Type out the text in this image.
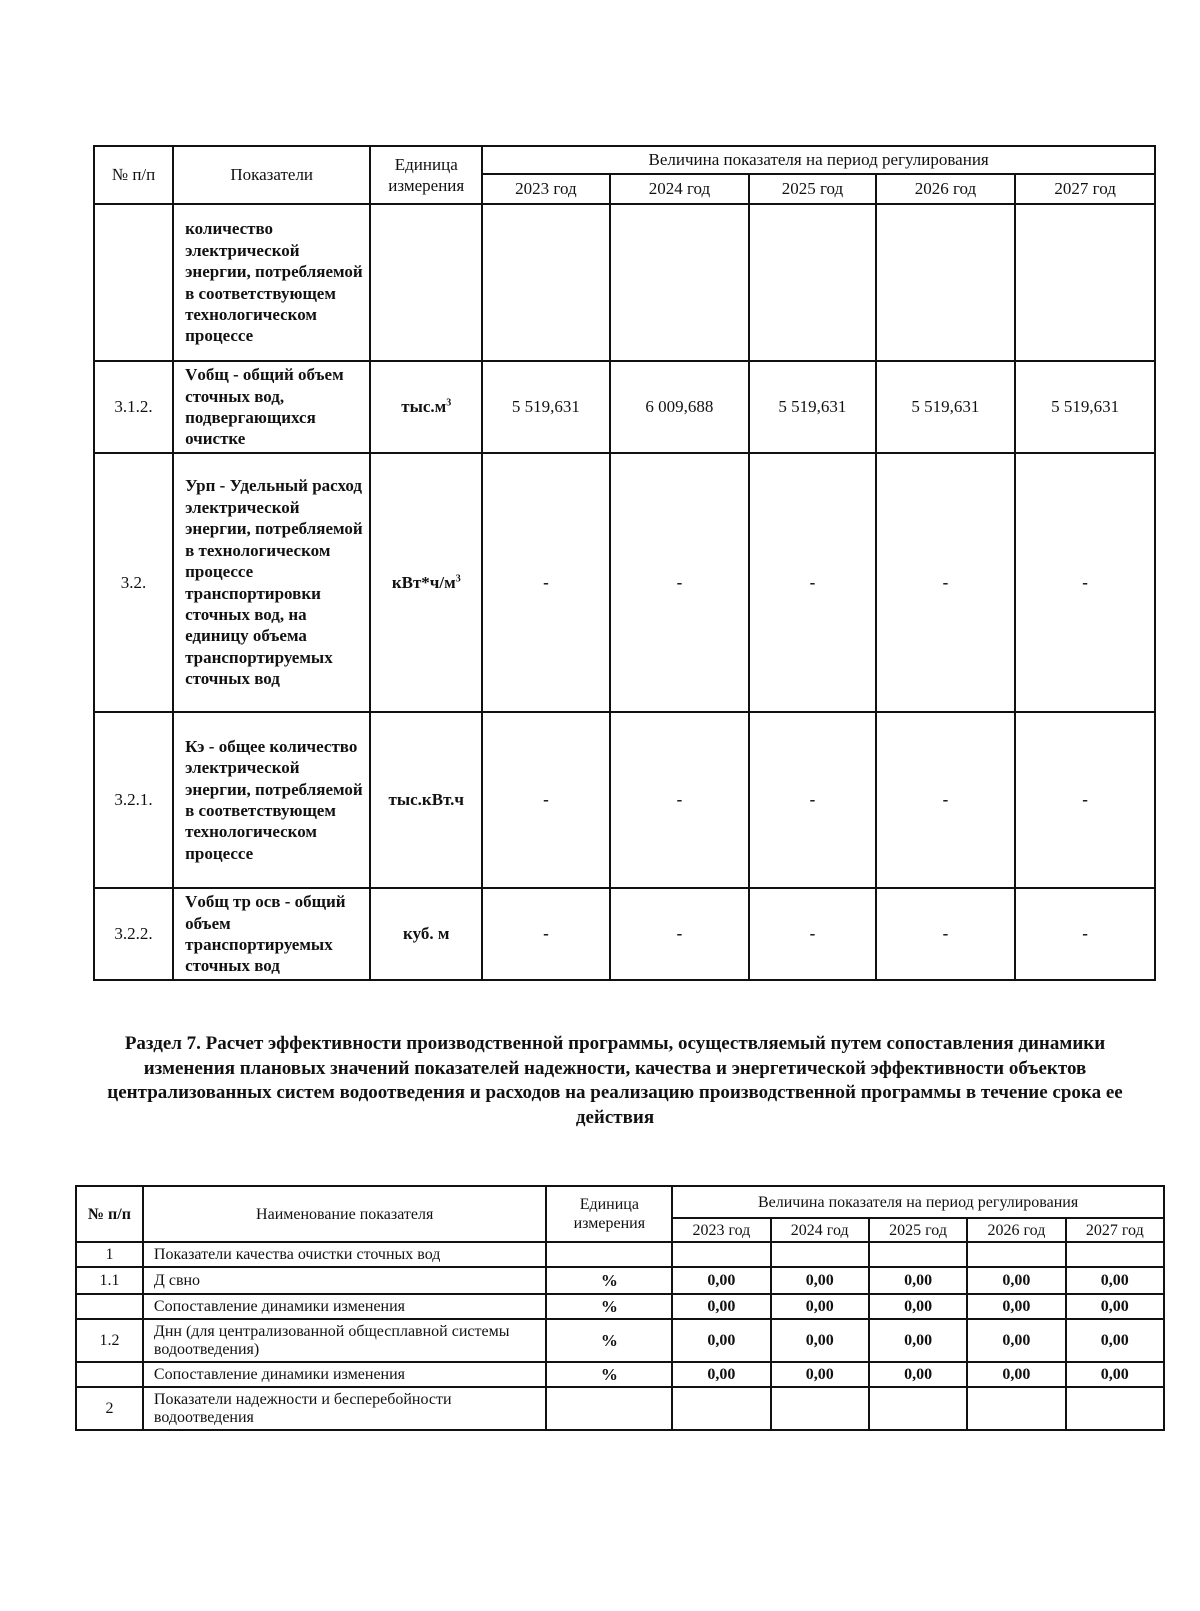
№ п/п	Показатели	Единица измерения	Величина показателя на период регулирования				
			2023 год	2024 год	2025 год	2026 год	2027 год
	количество электрической энергии, потребляемой в соответствующем технологическом процессе						
3.1.2.	Vобщ - общий объем сточных вод, подвергающихся очистке	$тыс.м^3$	5 519,631	6 009,688	5 519,631	5 519,631	5 519,631
3.2.	Урп - Удельный расход электрической энергии, потребляемой в технологическом процессе транспортировки сточных вод, на единицу объема транспортируемых сточных вод	$кВт*ч/м^3$	-	-	-	-	-
3.2.1.	Кэ - общее количество электрической энергии, потребляемой в соответствующем технологическом процессе	тыс.кВт.ч	-	-	-	-	-
3.2.2.	Vобщ тр осв - общий объем транспортируемых сточных вод	куб. м	-	-	-	-	-
Раздел 7. Расчет эффективности производственной программы, осуществляемый путем сопоставления динамики изменения плановых значений показателей надежности, качества и энергетической эффективности объектов централизованных систем водоотведения и расходов на реализацию производственной программы в течение срока ее действия
№ п/п	Наименование показателя	Единица измерения	Величина показателя на период регулирования				
			2023 год	2024 год	2025 год	2026 год	2027 год
1	Показатели качества очистки сточных вод						
1.1	Д свно	%	0,00	0,00	0,00	0,00	0,00
	Сопоставление динамики изменения	%	0,00	0,00	0,00	0,00	0,00
1.2	Днн (для централизованной общесплавной системы водоотведения)	%	0,00	0,00	0,00	0,00	0,00
	Сопоставление динамики изменения	%	0,00	0,00	0,00	0,00	0,00
2	Показатели надежности и бесперебойности водоотведения						
